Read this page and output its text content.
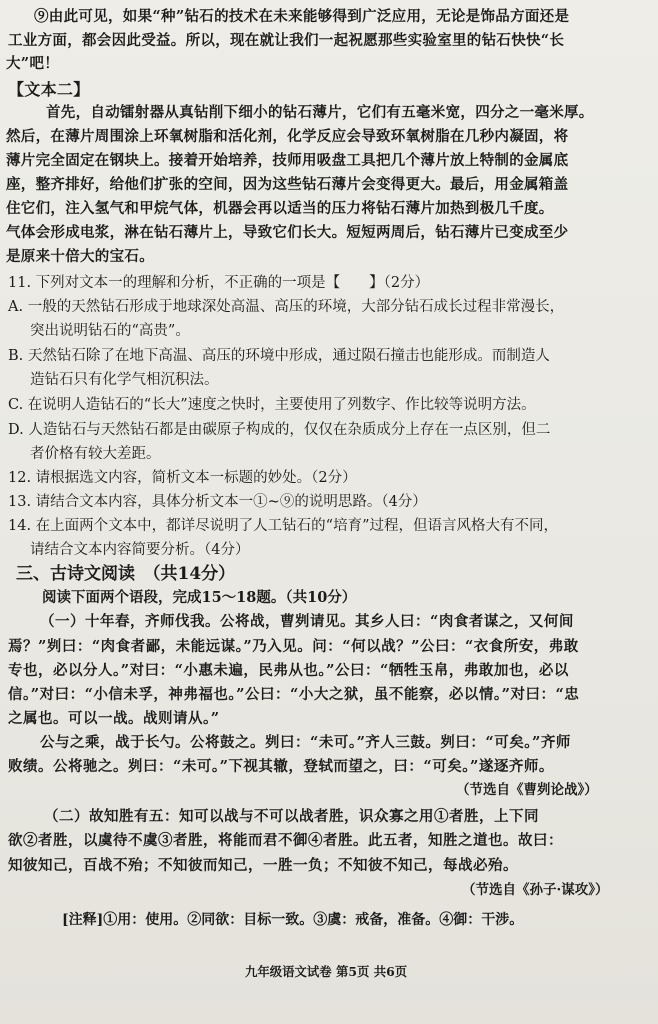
⑨由此可见，如果“种”钻石的技术在未来能够得到广泛应用，无论是饰品方面还是
工业方面，都会因此受益。所以，现在就让我们一起祝愿那些实验室里的钻石快快“长
大”吧！
【文本二】
首先，自动镭射器从真钻削下细小的钻石薄片，它们有五毫米宽，四分之一毫米厚。
然后，在薄片周围涂上环氧树脂和活化剂，化学反应会导致环氧树脂在几秒内凝固，将
薄片完全固定在钢块上。接着开始培养，技师用吸盘工具把几个薄片放上特制的金属底
座，整齐排好，给他们扩张的空间，因为这些钻石薄片会变得更大。最后，用金属箱盖
住它们，注入氢气和甲烷气体，机器会再以适当的压力将钻石薄片加热到极几千度。
气体会形成电浆，淋在钻石薄片上，导致它们长大。短短两周后，钻石薄片已变成至少
是原来十倍大的宝石。
11. 下列对文本一的理解和分析，不正确的一项是【　　】（2分）
A. 一般的天然钻石形成于地球深处高温、高压的环境，大部分钻石成长过程非常漫长，
突出说明钻石的“高贵”。
B. 天然钻石除了在地下高温、高压的环境中形成，通过陨石撞击也能形成。而制造人
造钻石只有化学气相沉积法。
C. 在说明人造钻石的“长大”速度之快时，主要使用了列数字、作比较等说明方法。
D. 人造钻石与天然钻石都是由碳原子构成的，仅仅在杂质成分上存在一点区别，但二
者价格有较大差距。
12. 请根据选文内容，简析文本一标题的妙处。（2分）
13. 请结合文本内容，具体分析文本一①~⑨的说明思路。（4分）
14. 在上面两个文本中，都详尽说明了人工钻石的“培育”过程，但语言风格大有不同，
请结合文本内容简要分析。（4分）
三、古诗文阅读　（共14分）
阅读下面两个语段，完成15～18题。（共10分）
（一）十年春，齐师伐我。公将战，曹刿请见。其乡人曰：“肉食者谋之，又何间
焉？”刿曰：“肉食者鄙，未能远谋。”乃入见。问：“何以战？”公曰：“衣食所安，弗敢
专也，必以分人。”对曰：“小惠未遍，民弗从也。”公曰：“牺牲玉帛，弗敢加也，必以
信。”对曰：“小信未孚，神弗福也。”公曰：“小大之狱，虽不能察，必以情。”对曰：“忠
之属也。可以一战。战则请从。”
公与之乘，战于长勺。公将鼓之。刿曰：“未可。”齐人三鼓。刿曰：“可矣。”齐师
败绩。公将驰之。刿曰：“未可。”下视其辙，登轼而望之，曰：“可矣。”遂逐齐师。
（节选自《曹刿论战》）
（二）故知胜有五：知可以战与不可以战者胜，识众寡之用①者胜，上下同
欲②者胜，以虞待不虞③者胜，将能而君不御④者胜。此五者，知胜之道也。故曰：
知彼知己，百战不殆；不知彼而知己，一胜一负；不知彼不知己，每战必殆。
（节选自《孙子·谋攻》）
[注释]①用：使用。②同欲：目标一致。③虞：戒备，准备。④御：干涉。
九年级语文试卷 第5页 共6页
